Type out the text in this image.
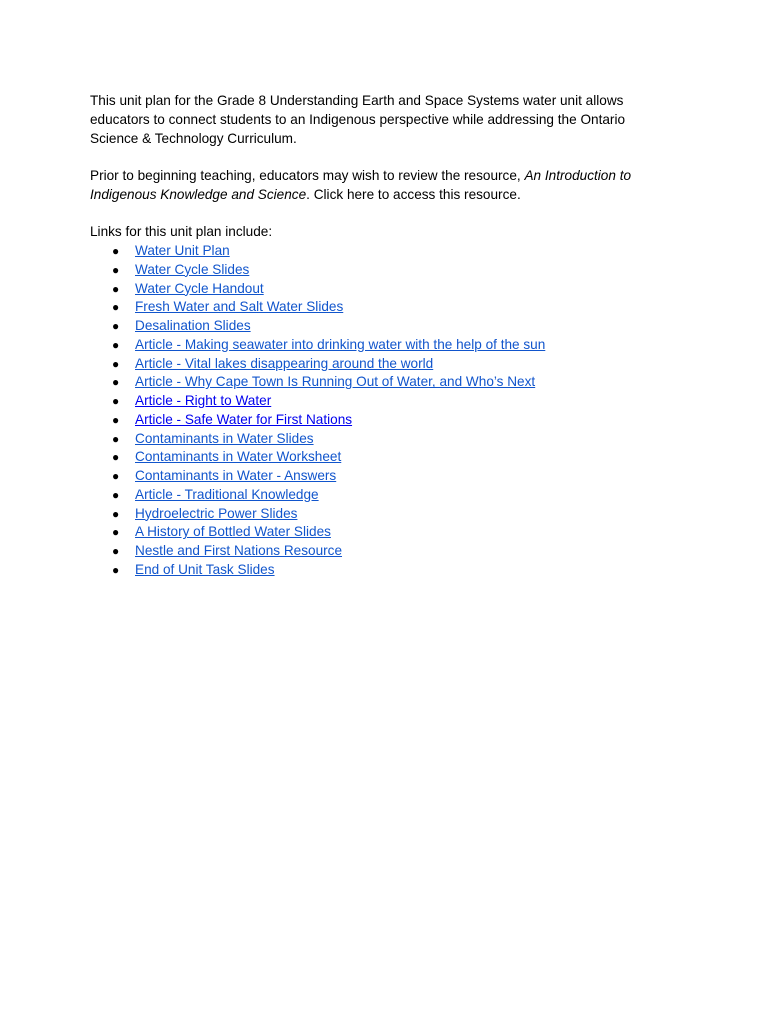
This unit plan for the Grade 8 Understanding Earth and Space Systems water unit allows educators to connect students to an Indigenous perspective while addressing the Ontario Science & Technology Curriculum.

Prior to beginning teaching, educators may wish to review the resource, An Introduction to Indigenous Knowledge and Science. Click here to access this resource.

Links for this unit plan include:

● Water Unit Plan
● Water Cycle Slides
● Water Cycle Handout
● Fresh Water and Salt Water Slides
● Desalination Slides
● Article - Making seawater into drinking water with the help of the sun
● Article - Vital lakes disappearing around the world
● Article - Why Cape Town Is Running Out of Water, and Who’s Next
● Article - Right to Water
● Article - Safe Water for First Nations
● Contaminants in Water Slides
● Contaminants in Water Worksheet
● Contaminants in Water - Answers
● Article - Traditional Knowledge
● Hydroelectric Power Slides
● A History of Bottled Water Slides
● Nestle and First Nations Resource
● End of Unit Task Slides
